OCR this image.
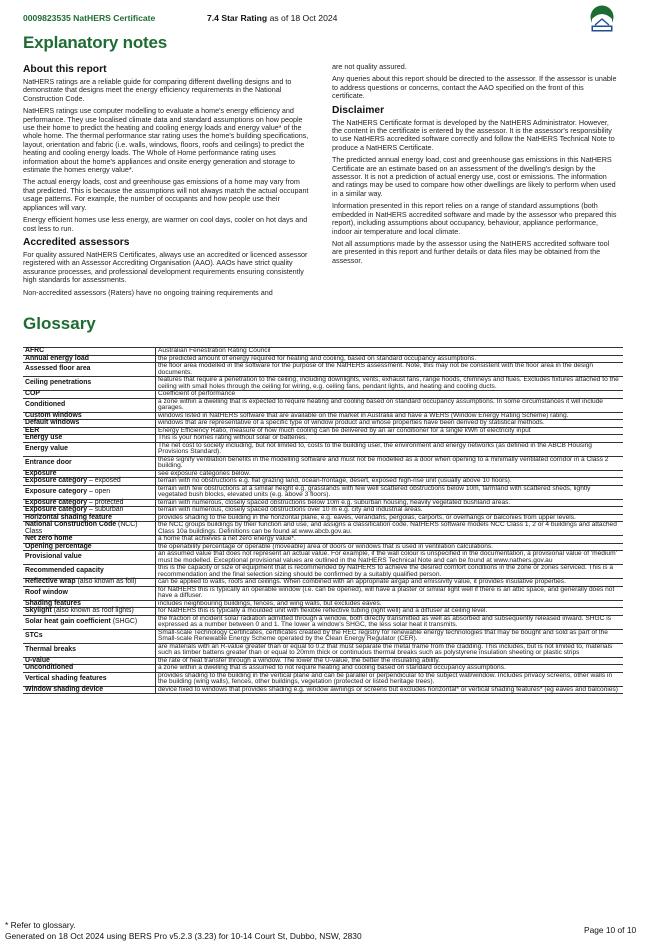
0009823535 NatHERS Certificate	7.4 Star Rating as of 18 Oct 2024
Explanatory notes
About this report

NatHERS ratings are a reliable guide for comparing different dwelling designs and to demonstrate that designs meet the energy efficiency requirements in the National Construction Code.

NatHERS ratings use computer modelling to evaluate a home's energy efficiency and performance. They use localised climate data and standard assumptions on how people use their home to predict the heating and cooling energy loads and energy value* of the whole home. The thermal performance star rating uses the home's building specifications, layout, orientation and fabric (i.e. walls, windows, floors, roofs and ceilings) to predict the heating and cooling energy loads. The Whole of Home performance rating uses information about the home's appliances and onsite energy generation and storage to estimate the homes energy value*.

The actual energy loads, cost and greenhouse gas emissions of a home may vary from that predicted. This is because the assumptions will not always match the actual occupant usage patterns. For example, the number of occupants and how people use their appliances will vary.

Energy efficient homes use less energy, are warmer on cool days, cooler on hot days and cost less to run.

Accredited assessors

For quality assured NatHERS Certificates, always use an accredited or licenced assessor registered with an Assessor Accrediting Organisation (AAO). AAOs have strict quality assurance processes, and professional development requirements ensuring consistently high standards for assessments.

Non-accredited assessors (Raters) have no ongoing training requirements and

are not quality assured.

Any queries about this report should be directed to the assessor. If the assessor is unable to address questions or concerns, contact the AAO specified on the front of this certificate.

Disclaimer

The NatHERS Certificate format is developed by the NatHERS Administrator. However, the content in the certificate is entered by the assessor. It is the assessor's responsibility to use NatHERS accredited software correctly and follow the NatHERS Technical Note to produce a NatHERS Certificate.

The predicted annual energy load, cost and greenhouse gas emissions in this NatHERS Certificate are an estimate based on an assessment of the dwelling's design by the assessor. It is not a prediction of actual energy use, cost or emissions. The information and ratings may be used to compare how other dwellings are likely to perform when used in a similar way.

Information presented in this report relies on a range of standard assumptions (both embedded in NatHERS accredited software and made by the assessor who prepared this report), including assumptions about occupancy, behaviour, appliance performance, indoor air temperature and local climate.

Not all assumptions made by the assessor using the NatHERS accredited software tool are presented in this report and further details or data files may be obtained from the assessor.

Glossary
AFRC	Australian Fenestration Rating Council
Annual energy load	the predicted amount of energy required for heating and cooling, based on standard occupancy assumptions.
Assessed floor area	the floor area modelled in the software for the purpose of the NatHERS assessment. Note, this may not be consistent with the floor area in the design documents.
Ceiling penetrations	features that require a penetration to the ceiling, including downlights, vents, exhaust fans, range hoods, chimneys and flues. Excludes fixtures attached to the ceiling with small holes through the ceiling for wiring, e.g. ceiling fans, pendant lights, and heating and cooling ducts.
COP	Coefficient of performance
Conditioned	a zone within a dwelling that is expected to require heating and cooling based on standard occupancy assumptions. In some circumstances it will include garages.
Custom windows	windows listed in NatHERS software that are available on the market in Australia and have a WERS (Window Energy Rating Scheme) rating.
Default windows	windows that are representative of a specific type of window product and whose properties have been derived by statistical methods.
EER	Energy Efficiency Ratio, measure of how much cooling can be delivered by an air conditioner for a single kWh of electricity input
Energy use	This is your homes rating without solar or batteries.
Energy value	The net cost to society including, but not limited to, costs to the building user, the environment and energy networks (as defined in the ABCB Housing Provisions Standard).
Entrance door	these signify ventilation benefits in the modelling software and must not be modelled as a door when opening to a minimally ventilated corridor in a Class 2 building.
Exposure	see exposure categories below.
Exposure category – exposed	terrain with no obstructions e.g. flat grazing land, ocean-frontage, desert, exposed high-rise unit (usually above 10 floors).
Exposure category – open	terrain with few obstructions at a similar height e.g. grasslands with few well scattered obstructions below 10m, farmland with scattered sheds, lightly vegetated bush blocks, elevated units (e.g. above 3 floors).
Exposure category – protected	terrain with numerous, closely spaced obstructions below 10m e.g. suburban housing, heavily vegetated bushland areas.
Exposure category – suburban	terrain with numerous, closely spaced obstructions over 10 m e.g. city and industrial areas.
Horizontal shading feature	provides shading to the building in the horizontal plane, e.g. eaves, verandahs, pergolas, carports, or overhangs or balconies from upper levels.
National Construction Code (NCC) Class	the NCC groups buildings by their function and use, and assigns a classification code. NatHERS software models NCC Class 1, 2 or 4 buildings and attached Class 10a buildings. Definitions can be found at www.abcb.gov.au.
Net zero home	a home that achieves a net zero energy value*.
Opening percentage	the openability percentage or operable (moveable) area of doors or windows that is used in ventilation calculations.
Provisional value	an assumed value that does not represent an actual value. For example, if the wall colour is unspecified in the documentation, a provisional value of 'medium' must be modelled. Exceptional provisional values are outlined in the NatHERS Technical Note and can be found at www.nathers.gov.au
Recommended capacity	this is the capacity or size of equipment that is recommended by NatHERS to achieve the desired comfort conditions in the zone or zones serviced. This is a recommendation and the final selection sizing should be confirmed by a suitably qualified person.
Reflective wrap (also known as foil)	can be applied to walls, roofs and ceilings. When combined with an appropriate airgap and emissivity value, it provides insulative properties.
Roof window	for NatHERS this is typically an operable window (i.e. can be opened), will have a plaster or similar light well if there is an attic space, and generally does not have a diffuser.
Shading features	includes neighbouring buildings, fences, and wing walls, but excludes eaves.
Skylight (also known as roof lights)	for NatHERS this is typically a moulded unit with flexible reflective tubing (light well) and a diffuser at ceiling level.
Solar heat gain coefficient (SHGC)	the fraction of incident solar radiation admitted through a window, both directly transmitted as well as absorbed and subsequently released inward. SHGC is expressed as a number between 0 and 1. The lower a window's SHGC, the less solar heat it transmits.
STCs	Small-scale Technology Certificates, certificates created by the REC registry for renewable energy technologies that may be bought and sold as part of the Small-scale Renewable Energy Scheme operated by the Clean Energy Regulator (CER).
Thermal breaks	are materials with an R-value greater than or equal to 0.2 that must separate the metal frame from the cladding. This includes, but is not limited to, materials such as timber battens greater than or equal to 20mm thick or continuous thermal breaks such as polystyrene insulation sheeting or plastic strips
U-value	the rate of heat transfer through a window. The lower the U-value, the better the insulating ability.
Unconditioned	a zone within a dwelling that is assumed to not require heating and cooling based on standard occupancy assumptions.
Vertical shading features	provides shading to the building in the vertical plane and can be parallel or perpendicular to the subject wall/window. Includes privacy screens, other walls in the building (wing walls), fences, other buildings, vegetation (protected or listed heritage trees).
Window shading device	device fixed to windows that provides shading e.g. window awnings or screens but excludes horizontal* or vertical shading features* (eg eaves and balconies)
* Refer to glossary.
Generated on 18 Oct 2024 using BERS Pro v5.2.3 (3.23) for 10-14 Court St, Dubbo, NSW, 2830
Page 10 of 10
